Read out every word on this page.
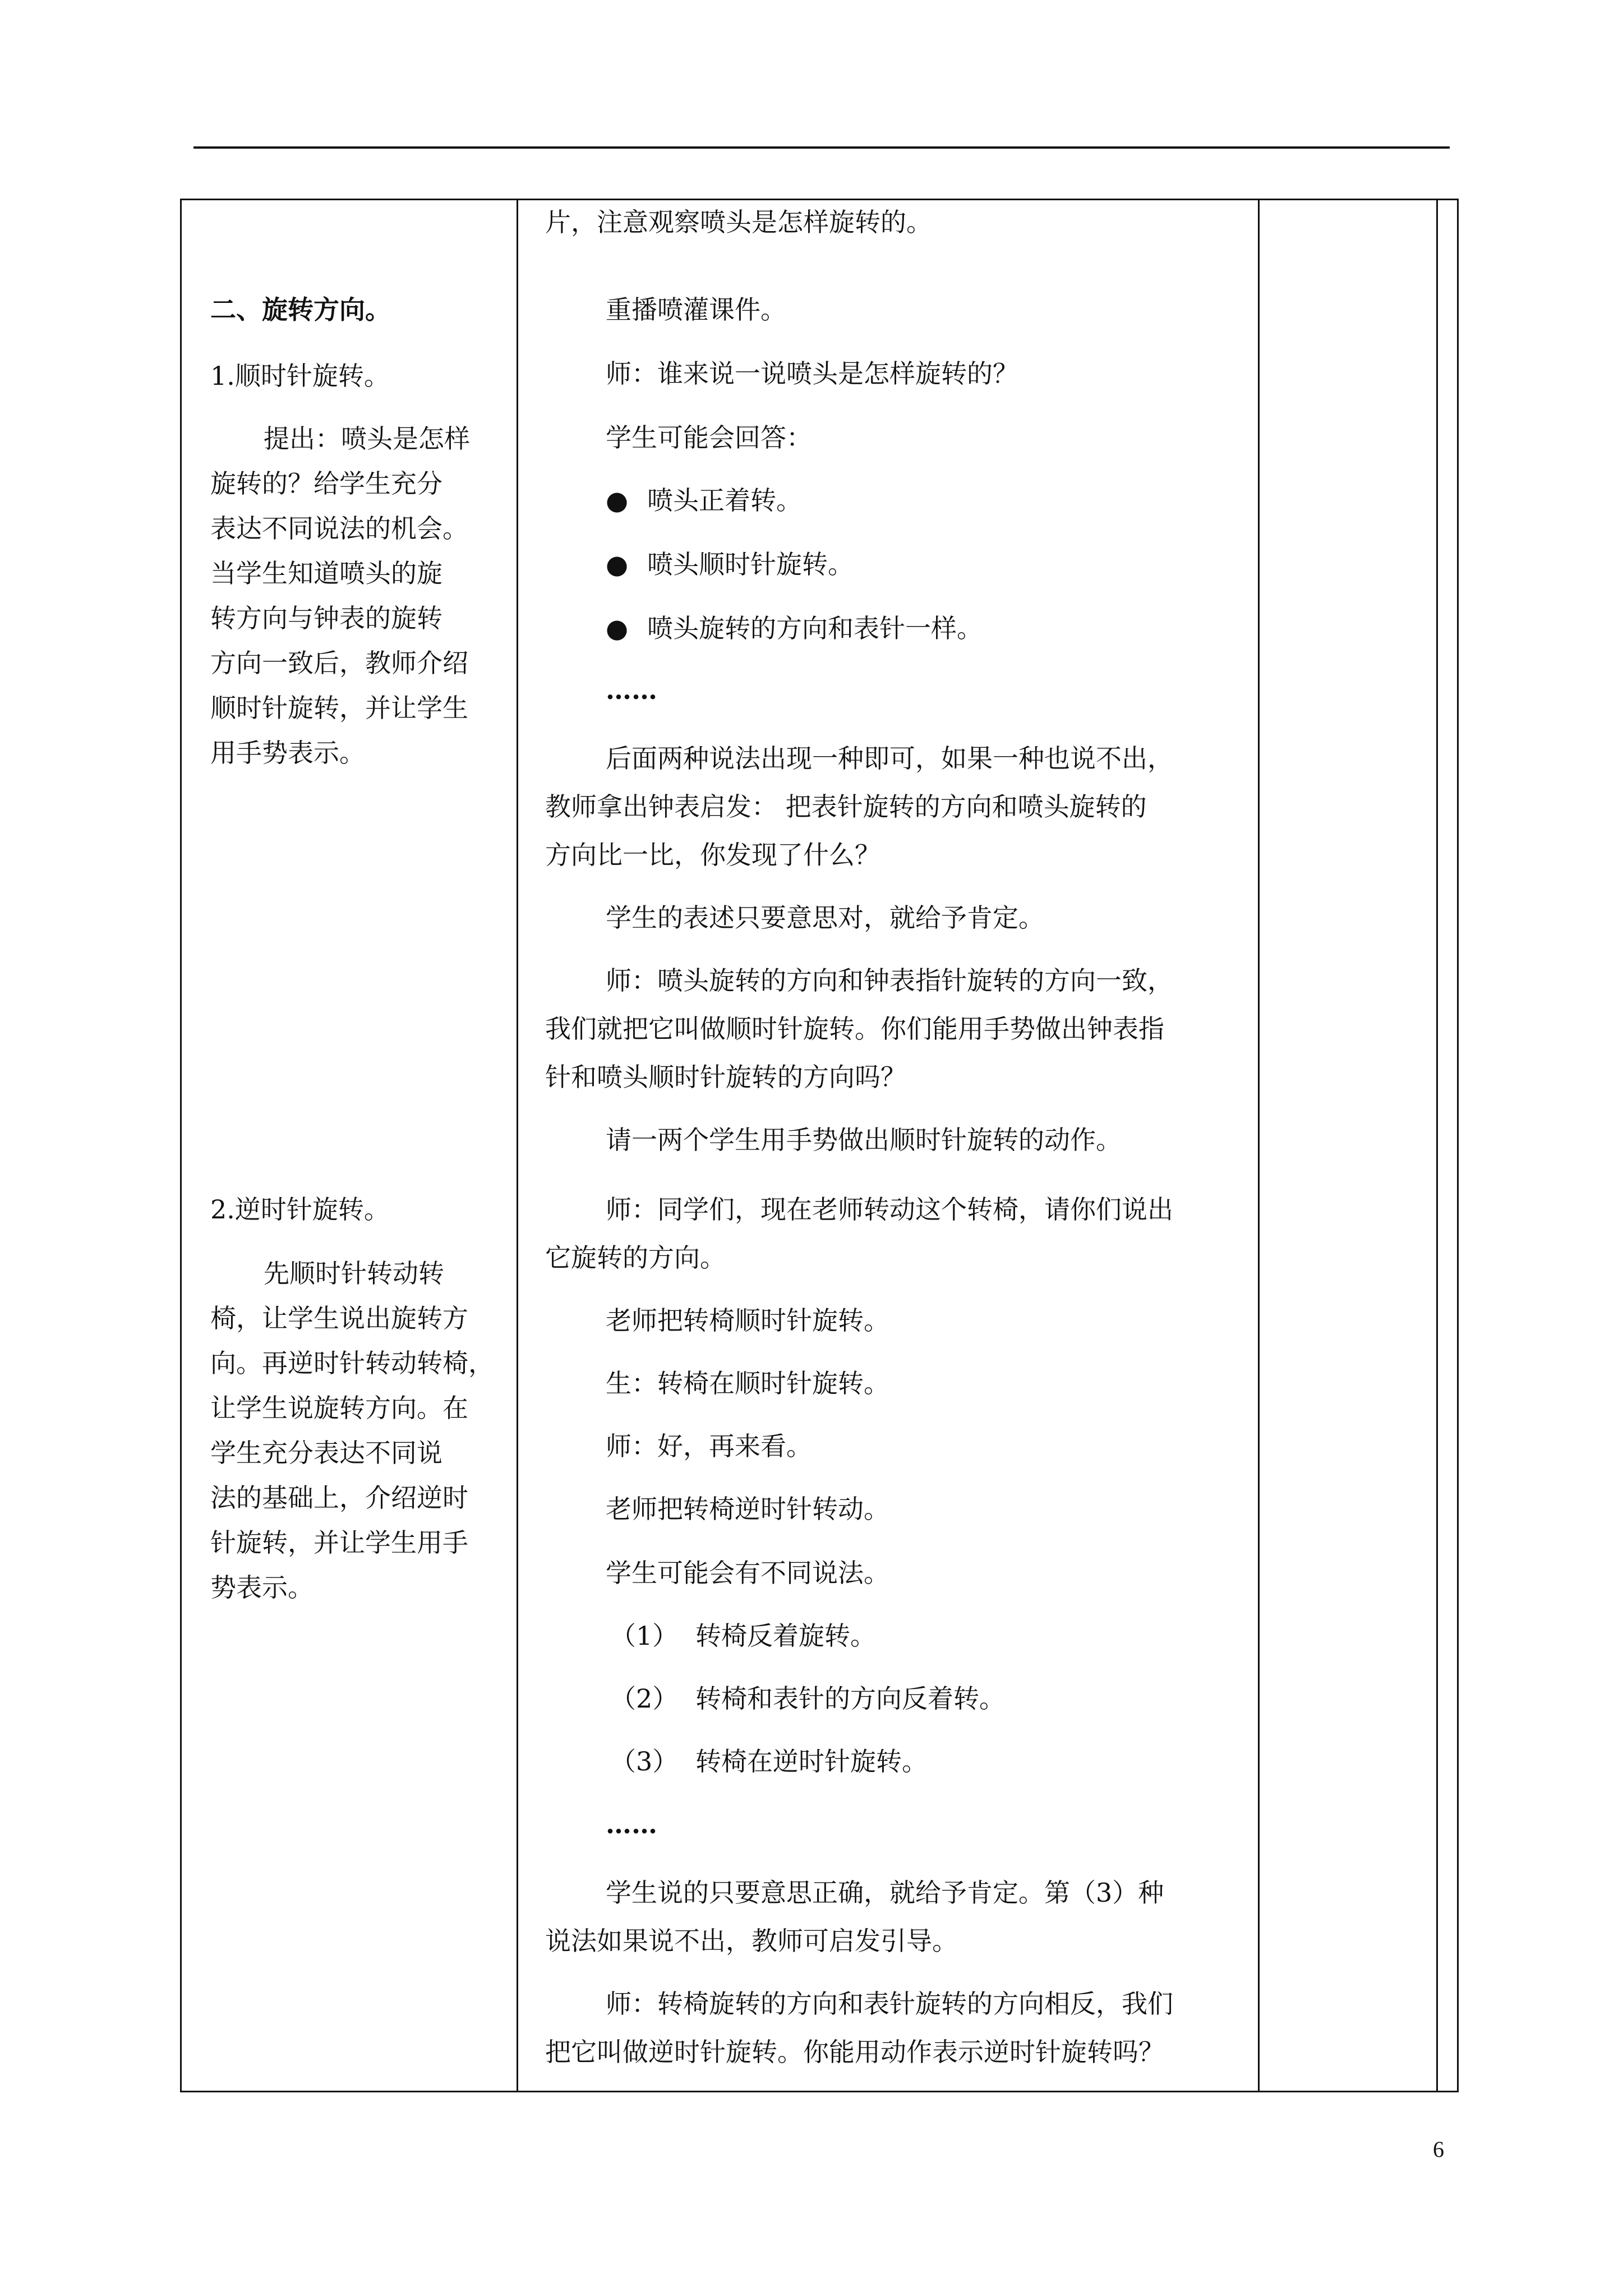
二、旋转方向。
1.顺时针旋转。
提出：喷头是怎样
旋转的？给学生充分
表达不同说法的机会。
当学生知道喷头的旋
转方向与钟表的旋转
方向一致后，教师介绍
顺时针旋转，并让学生
用手势表示。
2.逆时针旋转。
先顺时针转动转
椅，让学生说出旋转方
向。再逆时针转动转椅，
让学生说旋转方向。在
学生充分表达不同说
法的基础上，介绍逆时
针旋转，并让学生用手
势表示。
片，注意观察喷头是怎样旋转的。
重播喷灌课件。
师：谁来说一说喷头是怎样旋转的？
学生可能会回答：
● 喷头正着转。
● 喷头顺时针旋转。
● 喷头旋转的方向和表针一样。
……
后面两种说法出现一种即可，如果一种也说不出，
教师拿出钟表启发： 把表针旋转的方向和喷头旋转的
方向比一比，你发现了什么？
学生的表述只要意思对，就给予肯定。
师：喷头旋转的方向和钟表指针旋转的方向一致，
我们就把它叫做顺时针旋转。你们能用手势做出钟表指
针和喷头顺时针旋转的方向吗？
请一两个学生用手势做出顺时针旋转的动作。
师：同学们，现在老师转动这个转椅，请你们说出
它旋转的方向。
老师把转椅顺时针旋转。
生：转椅在顺时针旋转。
师：好，再来看。
老师把转椅逆时针转动。
学生可能会有不同说法。
（1） 转椅反着旋转。
（2） 转椅和表针的方向反着转。
（3） 转椅在逆时针旋转。
……
学生说的只要意思正确，就给予肯定。第（3）种
说法如果说不出，教师可启发引导。
师：转椅旋转的方向和表针旋转的方向相反，我们
把它叫做逆时针旋转。你能用动作表示逆时针旋转吗？
6
